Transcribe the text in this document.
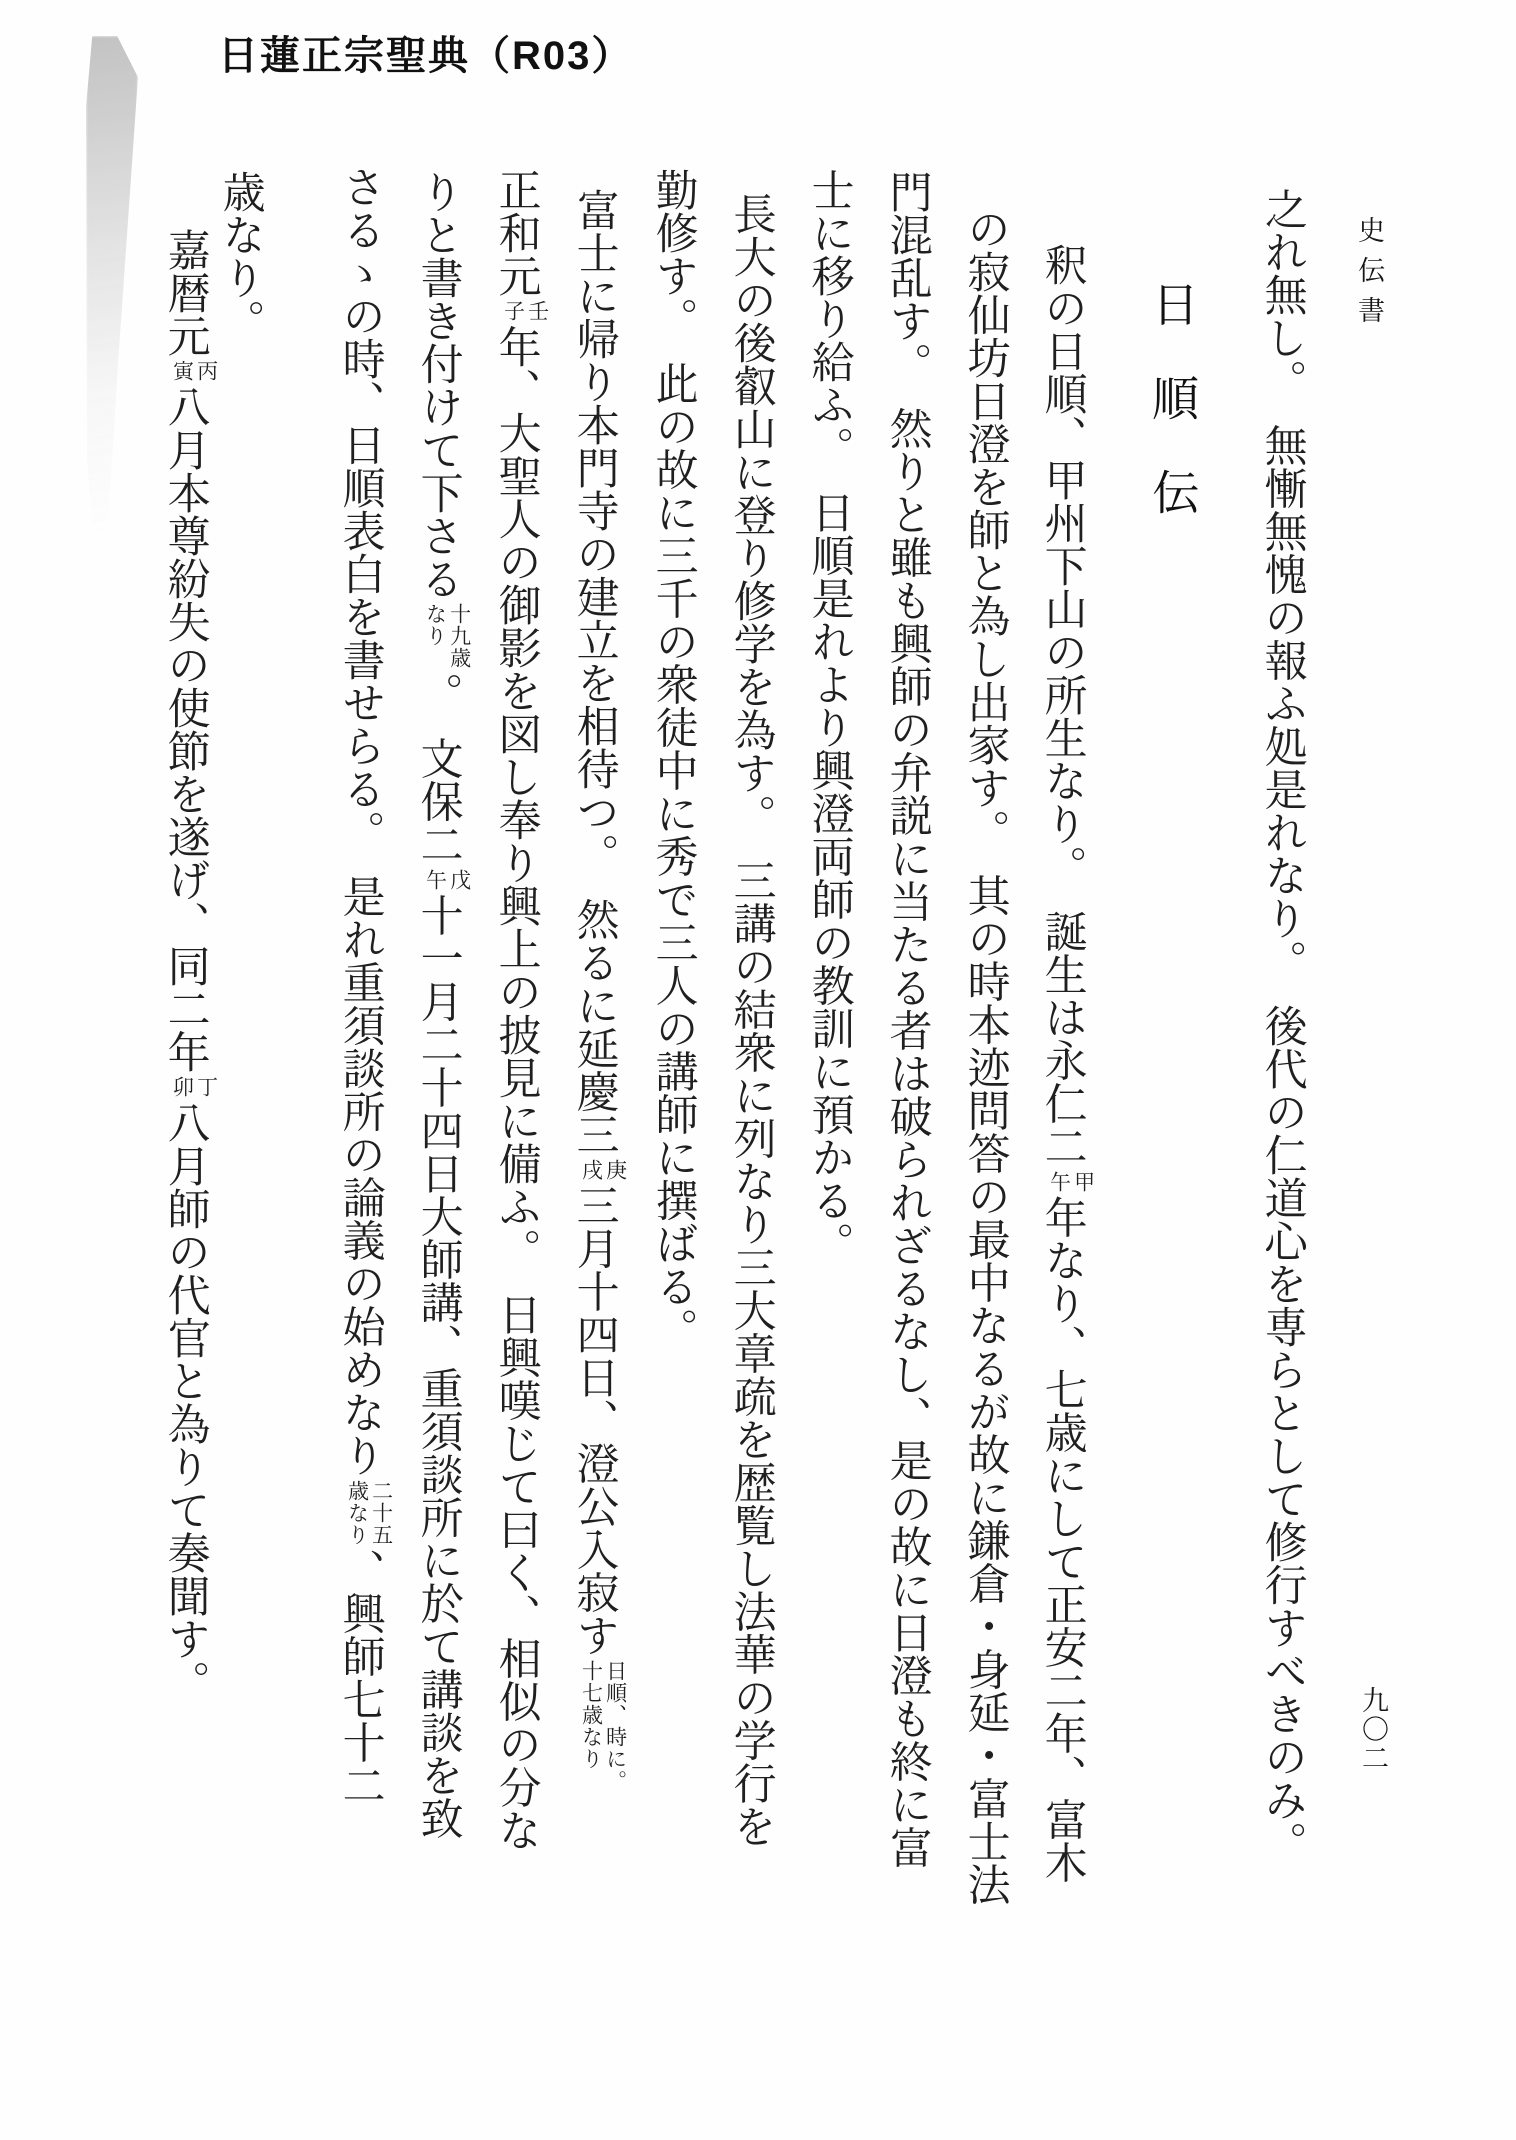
日蓮正宗聖典（R03）
史伝書
九〇二
日　順　伝 之れ無し。　無慚無愧の報ふ処是れなり。　後代の仁道心を専らとして修行すべきのみ。
釈の日順、甲州下山の所生なり。　誕生は永仁二甲
午年なり、七歳にして正安二年、富木
の寂仙坊日澄を師と為し出家す。　其の時本迹問答の最中なるが故に鎌倉・身延・富士法
門混乱す。　然りと雖も興師の弁説に当たる者は破られざるなし、是の故に日澄も終に富
士に移り給ふ。　日順是れより興澄両師の教訓に預かる。
長大の後叡山に登り修学を為す。　三講の結衆に列なり三大章疏を歴覧し法華の学行を
勤修す。　此の故に三千の衆徒中に秀で三人の講師に撰ばる。
富士に帰り本門寺の建立を相待つ。　然るに延慶三庚
戌三月十四日、澄公入寂す日順、時に。
十七歳なり
正和元壬
子年、大聖人の御影を図し奉り興上の披見に備ふ。　日興嘆じて曰く、相似の分な
りと書き付けて下さる十九歳
なり。　文保二戊
午十一月二十四日大師講、重須談所に於て講談を致
さるゝの時、日順表白を書せらる。　是れ重須談所の論義の始めなり二十五
歳なり、興師七十二
歳なり。
嘉暦元丙
寅八月本尊紛失の使節を遂げ、同二年丁
卯八月師の代官と為りて奏聞す。
